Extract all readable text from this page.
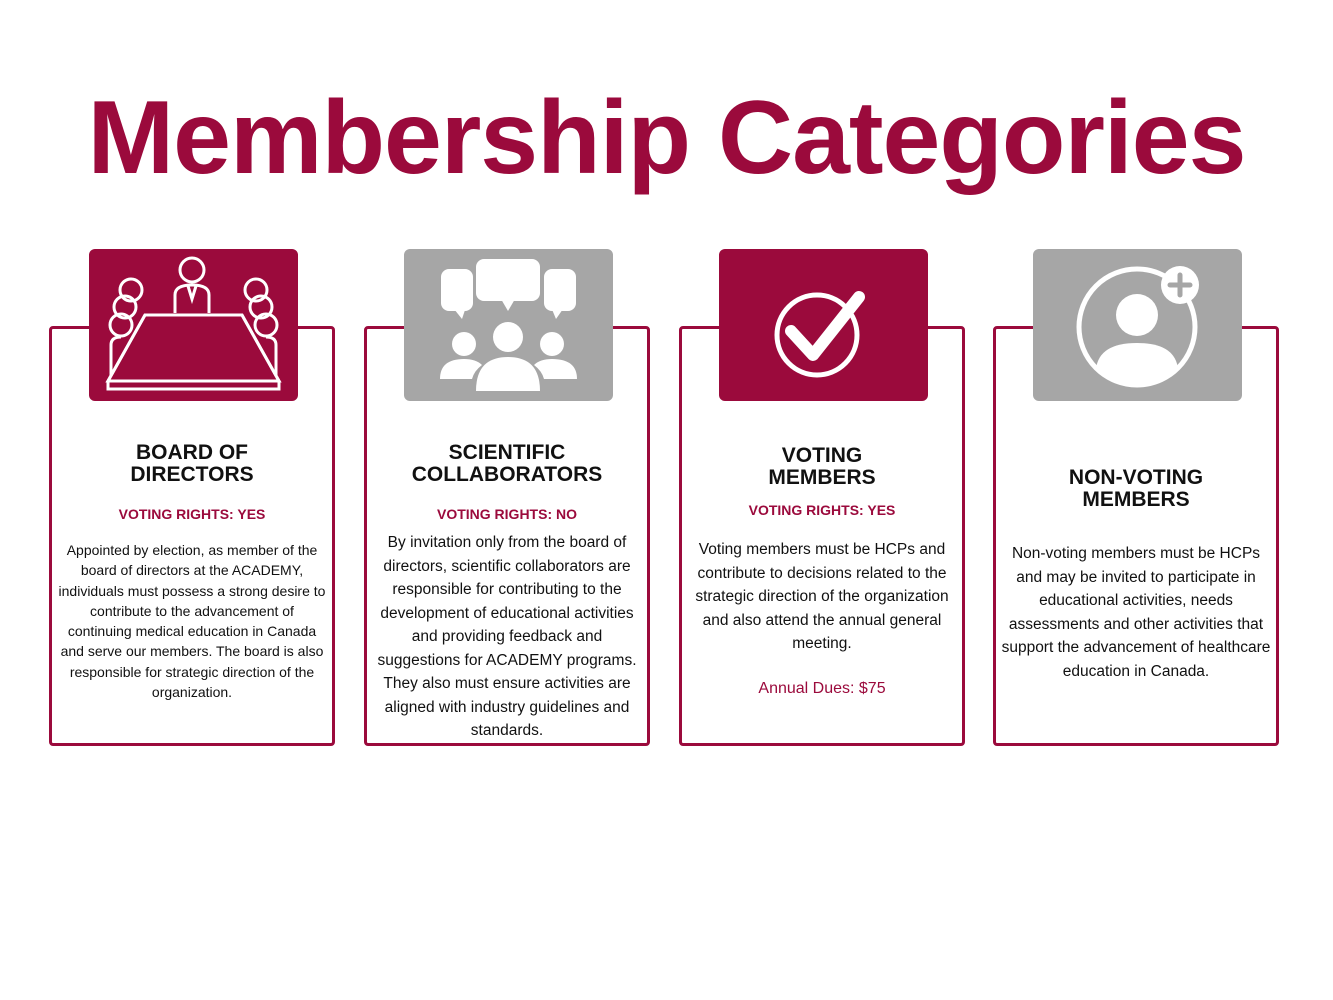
Membership Categories
BOARD OF
DIRECTORS
VOTING RIGHTS: YES
Appointed by election, as member of the board of directors at the ACADEMY, individuals must possess a strong desire to contribute to the advancement of continuing medical education in Canada and serve our members. The board is also responsible for strategic direction of the organization.
SCIENTIFIC
COLLABORATORS
VOTING RIGHTS: NO
By invitation only from the board of directors, scientific collaborators are responsible for contributing to the development of educational activities and providing feedback and suggestions for ACADEMY programs. They also must ensure activities are aligned with industry guidelines and standards.
VOTING
MEMBERS
VOTING RIGHTS: YES
Voting members must be HCPs and contribute to decisions related to the strategic direction of the organization and also attend the annual general meeting.
Annual Dues: $75
NON-VOTING
MEMBERS
Non-voting members must be HCPs and may be invited to participate in educational activities, needs assessments and other activities that support the advancement of healthcare education in Canada.
